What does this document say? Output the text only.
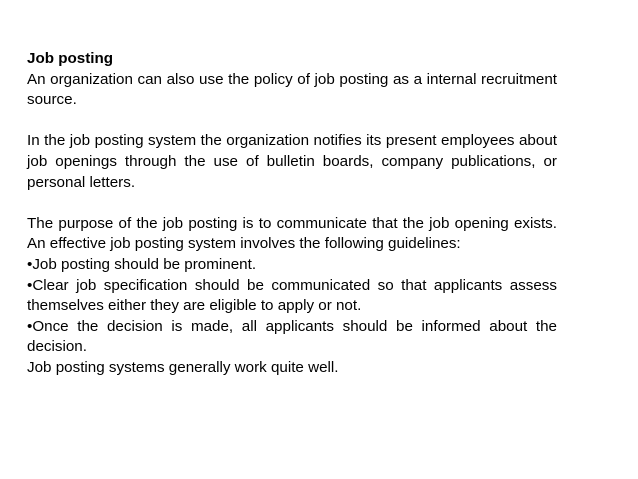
Job posting

An organization can also use the policy of job posting as a internal recruitment source.

In the job posting system the organization notifies its present employees about job openings through the use of bulletin boards, company publications, or personal letters.

The purpose of the job posting is to communicate that the job opening exists. An effective job posting system involves the following guidelines:

•Job posting should be prominent.

•Clear job specification should be communicated so that applicants assess themselves either they are eligible to apply or not.

•Once the decision is made, all applicants should be informed about the decision.

Job posting systems generally work quite well.
